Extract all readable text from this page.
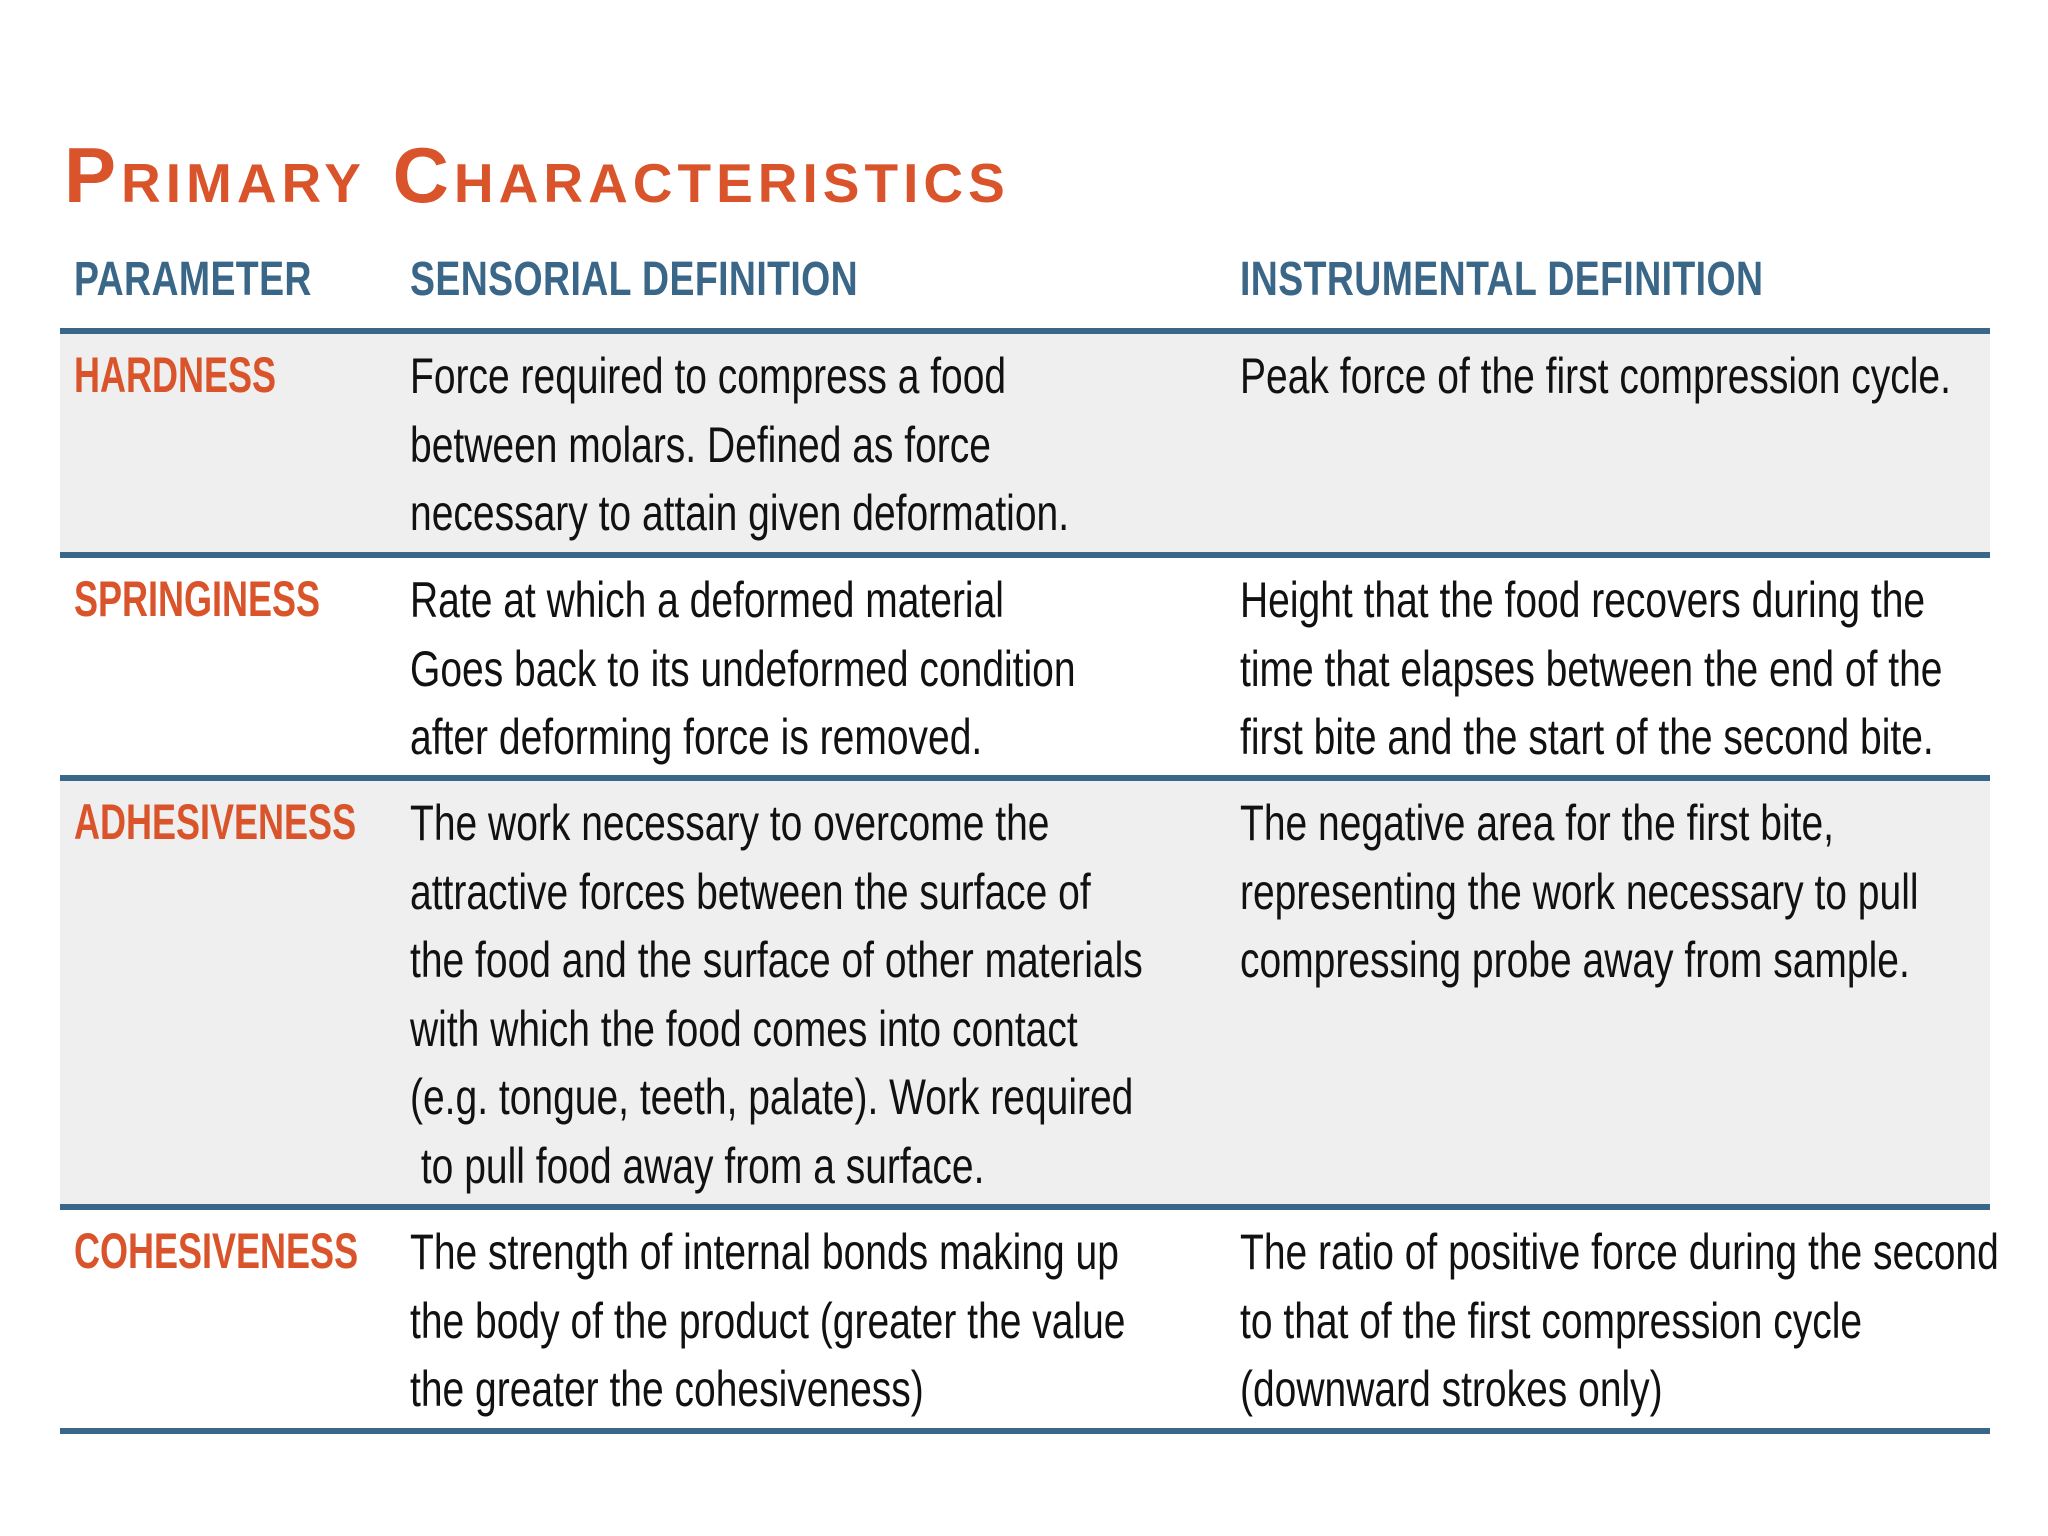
Primary Characteristics
PARAMETER SENSORIAL DEFINITION	INSTRUMENTAL DEFINITION
HARDNESS	Force required to compress a food
between molars. Defined as force
necessary to attain given deformation.
Peak force of the first compression cycle.
SPRINGINESS Rate at which a deformed material
Goes back to its undeformed condition
after deforming force is removed.
Height that the food recovers during the
time that elapses between the end of the
first bite and the start of the second bite.
ADHESIVENESS The work necessary to overcome the
attractive forces between the surface of
the food and the surface of other materials
with which the food comes into contact
(e.g. tongue, teeth, palate). Work required
to pull food away from a surface.
The negative area for the first bite,
representing the work necessary to pull
compressing probe away from sample.
COHESIVENESS The strength of internal bonds making up
the body of the product (greater the value
the greater the cohesiveness)
The ratio of positive force during the second
to that of the first compression cycle
(downward strokes only)
